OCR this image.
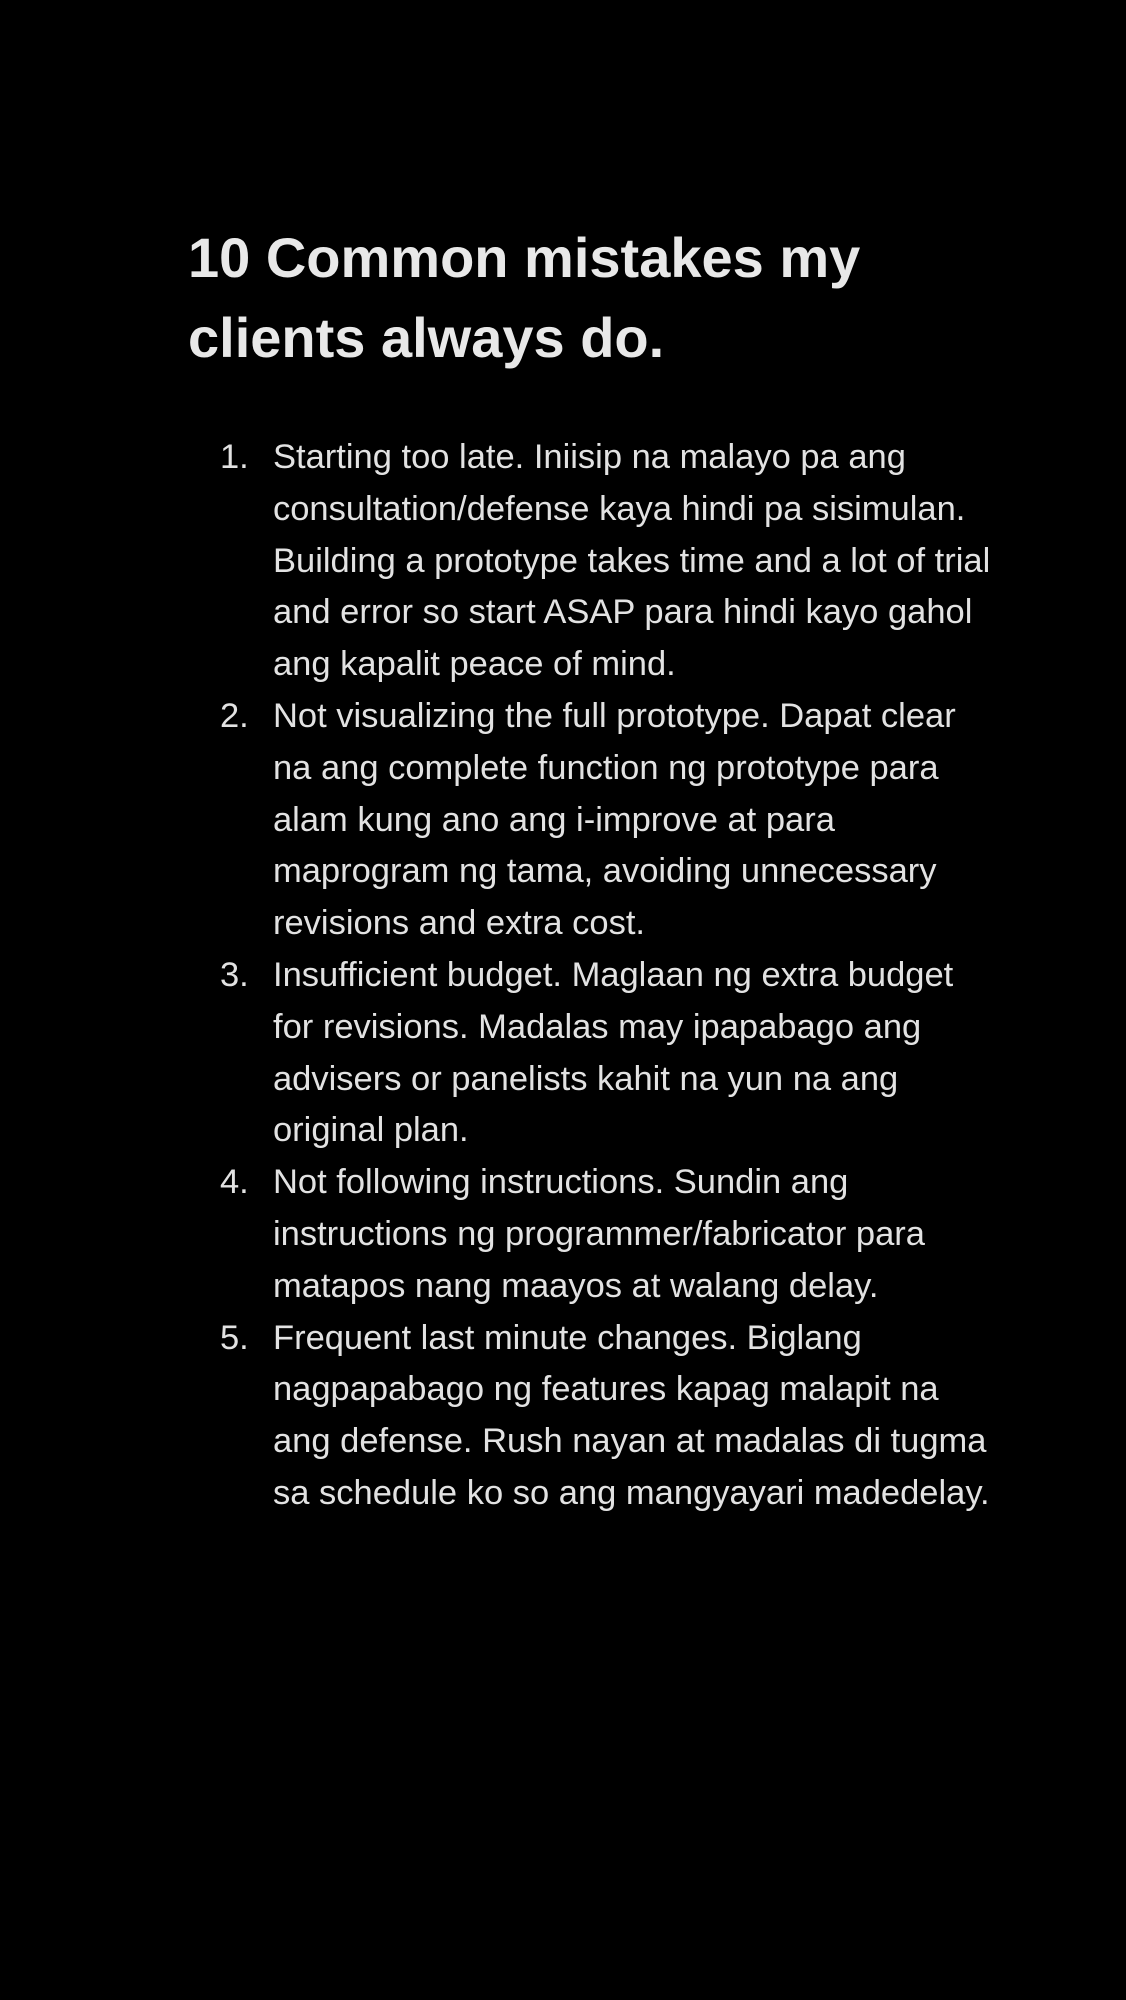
10 Common mistakes my clients always do.
1. Starting too late. Iniisip na malayo pa ang consultation/defense kaya hindi pa sisimulan. Building a prototype takes time and a lot of trial and error so start ASAP para hindi kayo gahol ang kapalit peace of mind.
2. Not visualizing the full prototype. Dapat clear na ang complete function ng prototype para alam kung ano ang i-improve at para maprogram ng tama, avoiding unnecessary revisions and extra cost.
3. Insufficient budget. Maglaan ng extra budget for revisions. Madalas may ipapabago ang advisers or panelists kahit na yun na ang original plan.
4. Not following instructions. Sundin ang instructions ng programmer/fabricator para matapos nang maayos at walang delay.
5. Frequent last minute changes. Biglang nagpapabago ng features kapag malapit na ang defense. Rush nayan at madalas di tugma sa schedule ko so ang mangyayari madedelay.
